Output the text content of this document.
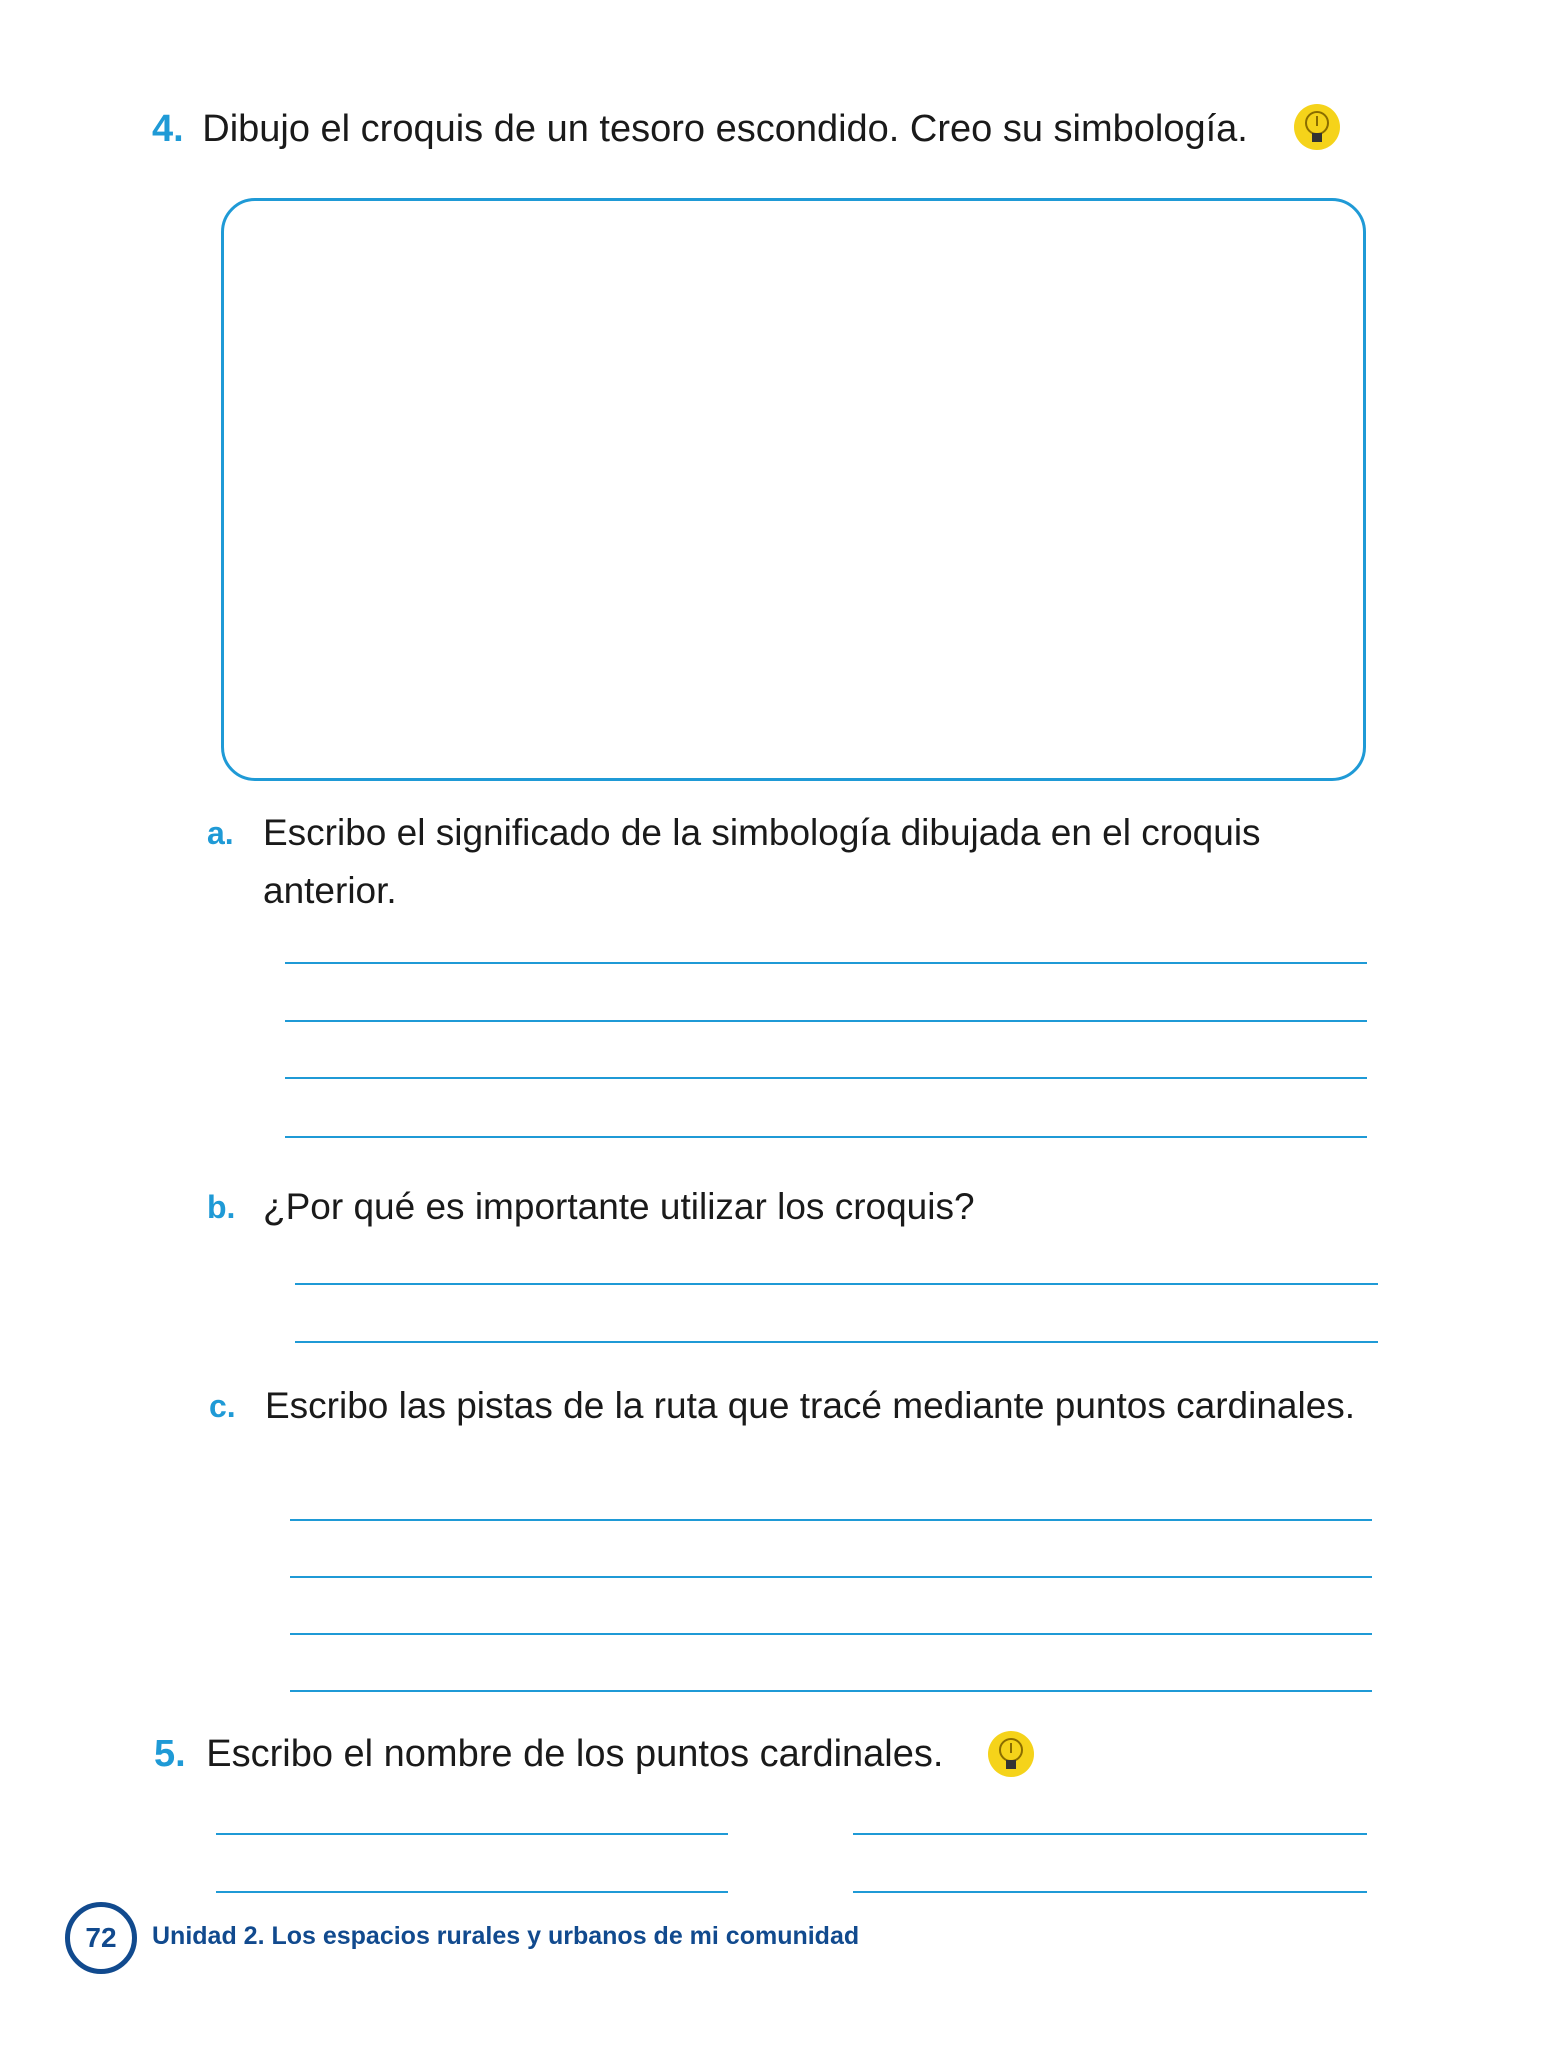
4. Dibujo el croquis de un tesoro escondido. Creo su simbología.
a. Escribo el significado de la simbología dibujada en el croquis anterior.
b. ¿Por qué es importante utilizar los croquis?
c. Escribo las pistas de la ruta que tracé mediante puntos cardinales.
5. Escribo el nombre de los puntos cardinales.
72	Unidad 2. Los espacios rurales y urbanos de mi comunidad
